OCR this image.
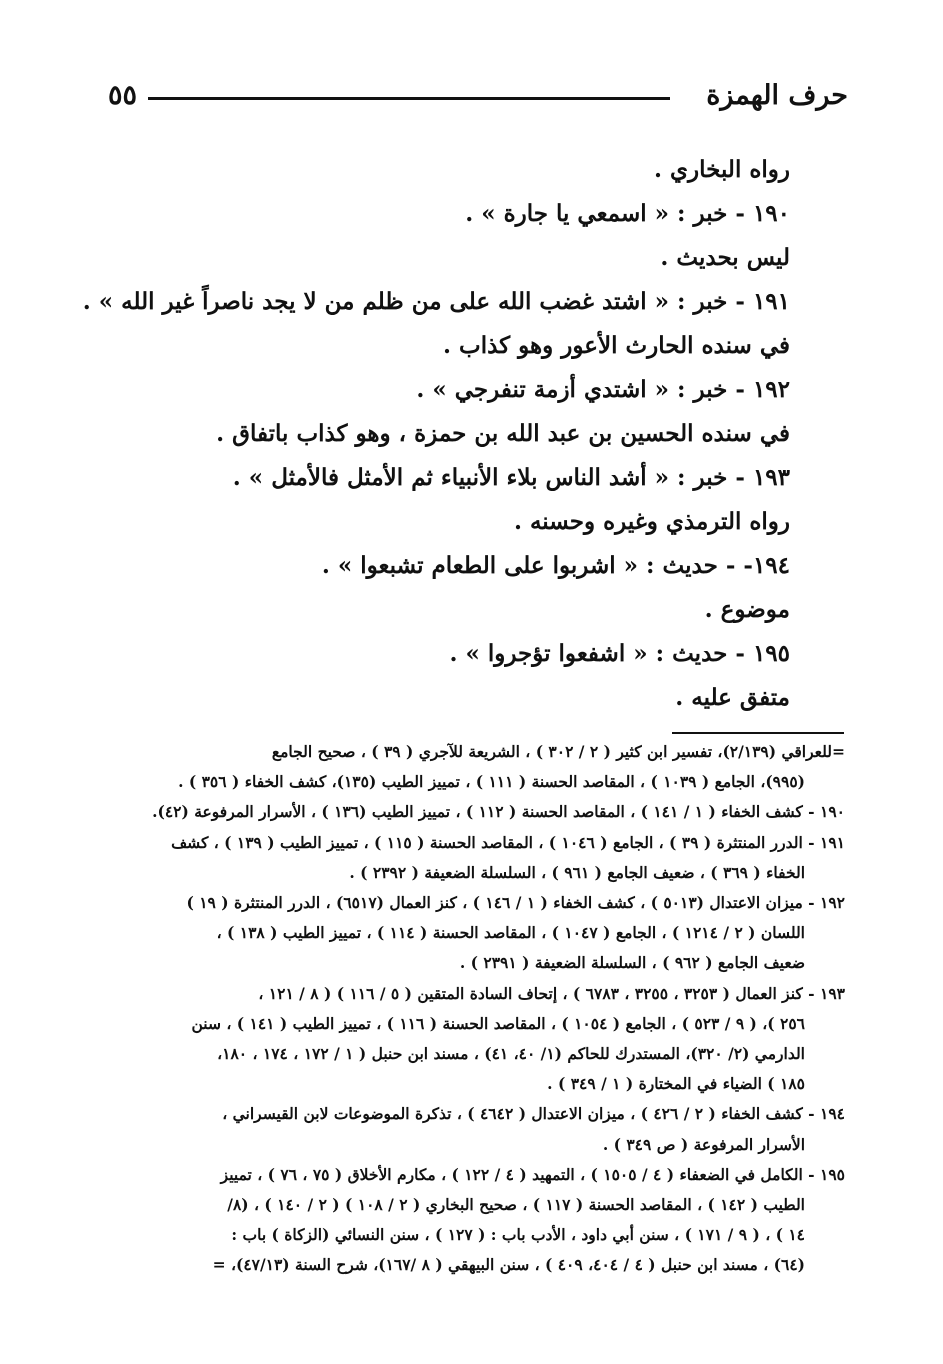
حرف الهمزة
٥٥
رواه البخاري .
١٩٠ - خبر : « اسمعي يا جارة » .
ليس بحديث .
١٩١ - خبر : « اشتد غضب الله على من ظلم من لا يجد ناصراً غير الله » .
في سنده الحارث الأعور وهو كذاب .
١٩٢ - خبر : « اشتدي أزمة تنفرجي » .
في سنده الحسين بن عبد الله بن حمزة ، وهو كذاب باتفاق .
١٩٣ - خبر : « أشد الناس بلاء الأنبياء ثم الأمثل فالأمثل » .
رواه الترمذي وغيره وحسنه .
١٩٤- - حديث : « اشربوا على الطعام تشبعوا » .
موضوع .
١٩٥ - حديث : « اشفعوا تؤجروا » .
متفق عليه .
=للعراقي (٢/١٣٩)، تفسير ابن كثير ( ٢ / ٣٠٢ ) ، الشريعة للآجري ( ٣٩ ) ، صحيح الجامع
(٩٩٥)، الجامع ( ١٠٣٩ ) ، المقاصد الحسنة ( ١١١ ) ، تمييز الطيب (١٣٥)، كشف الخفاء ( ٣٥٦ ) .
١٩٠ - كشف الخفاء ( ١ / ١٤١ ) ، المقاصد الحسنة ( ١١٢ ) ، تمييز الطيب (١٣٦ ) ، الأسرار المرفوعة (٤٢).
١٩١ - الدرر المنتثرة ( ٣٩ ) ، الجامع ( ١٠٤٦ ) ، المقاصد الحسنة ( ١١٥ ) ، تمييز الطيب ( ١٣٩ ) ، كشف
الخفاء ( ٣٦٩ ) ، ضعيف الجامع ( ٩٦١ ) ، السلسلة الضعيفة ( ٢٣٩٢ ) .
١٩٢ - ميزان الاعتدال (٥٠١٣ ) ، كشف الخفاء ( ١ / ١٤٦ ) ، كنز العمال (٦٥١٧) ، الدرر المنتثرة ( ١٩ )
اللسان ( ٢ / ١٢١٤ ) ، الجامع ( ١٠٤٧ ) ، المقاصد الحسنة ( ١١٤ ) ، تمييز الطيب ( ١٣٨ ) ،
ضعيف الجامع ( ٩٦٢ ) ، السلسلة الضعيفة ( ٢٣٩١ ) .
١٩٣ - كنز العمال ( ٣٢٥٣ ، ٣٢٥٥ ، ٦٧٨٣ ) ، إتحاف السادة المتقين ( ٥ / ١١٦ ) ( ٨ / ١٢١ ،
٢٥٦ )، ( ٩ / ٥٢٣ ) ، الجامع ( ١٠٥٤ ) ، المقاصد الحسنة ( ١١٦ ) ، تمييز الطيب ( ١٤١ ) ، سنن
الدارمي (٢/ ٣٢٠)، المستدرك للحاكم (١/ ٤٠، ٤١) ، مسند ابن حنبل ( ١ / ١٧٢ ، ١٧٤ ، ١٨٠،
١٨٥ ) الضياء في المختارة ( ١ / ٣٤٩ ) .
١٩٤ - كشف الخفاء ( ٢ / ٤٢٦ ) ، ميزان الاعتدال ( ٤٦٤٢ ) ، تذكرة الموضوعات لابن القيسراني ،
الأسرار المرفوعة ( ص ٣٤٩ ) .
١٩٥ - الكامل في الضعفاء ( ٤ / ١٥٠٥ ) ، التمهيد ( ٤ / ١٢٢ ) ، مكارم الأخلاق ( ٧٥ ، ٧٦ ) ، تمييز
الطيب ( ١٤٢ ) ، المقاصد الحسنة ( ١١٧ ) ، صحيح البخاري ( ٢ / ١٠٨ ) ( ٢ / ١٤٠ ) ، (٨/
١٤ ) ، ( ٩ / ١٧١ ) ، سنن أبي داود ، الأدب باب : ( ١٢٧ ) ، سنن النسائي (الزكاة ) باب :
(٦٤) ، مسند ابن حنبل ( ٤ / ٤٠٤، ٤٠٩ ) ، سنن البيهقي ( ٨ /١٦٧)، شرح السنة (٤٧/١٣)، =
